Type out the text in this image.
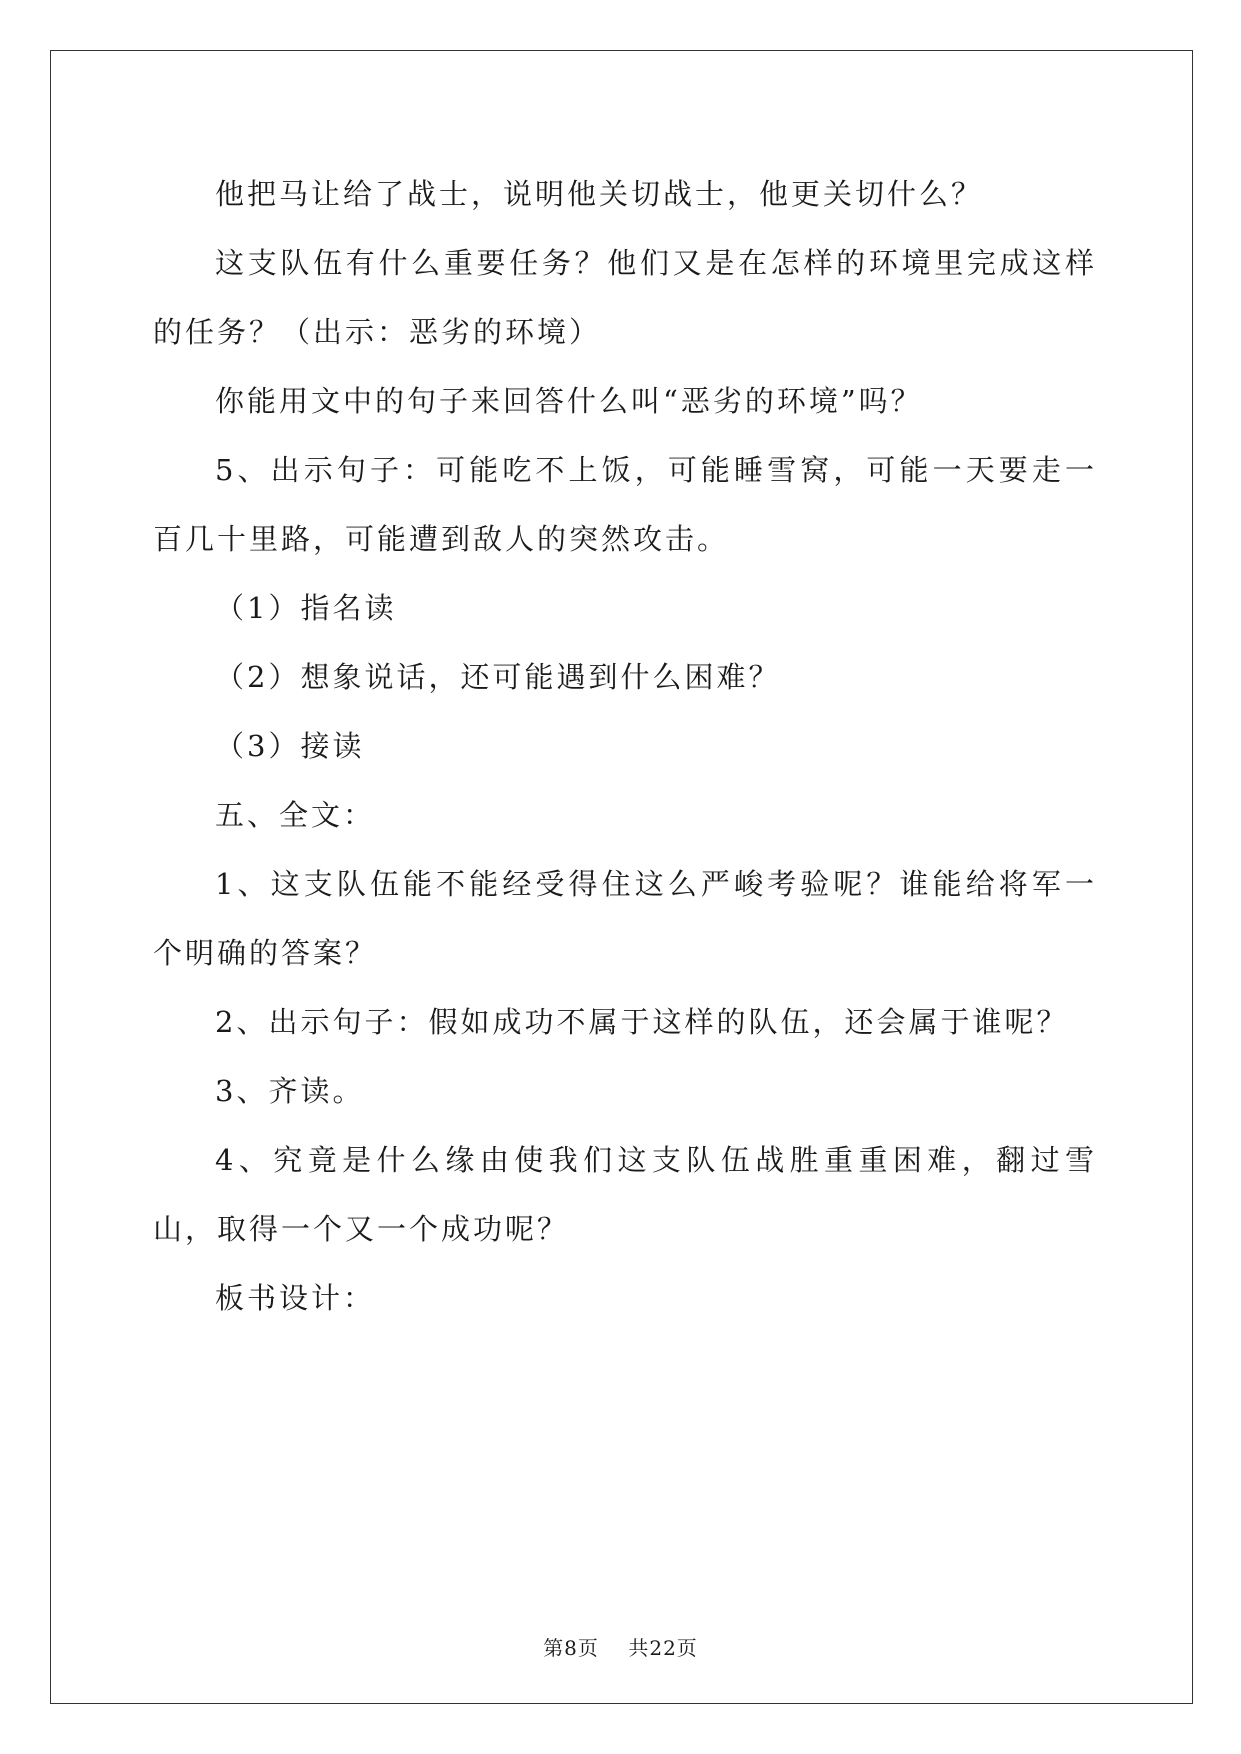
他把马让给了战士，说明他关切战士，他更关切什么？

这支队伍有什么重要任务？他们又是在怎样的环境里完成这样的任务？（出示：恶劣的环境）

你能用文中的句子来回答什么叫“恶劣的环境”吗？

5、出示句子：可能吃不上饭，可能睡雪窝，可能一天要走一百几十里路，可能遭到敌人的突然攻击。

（1）指名读

（2）想象说话，还可能遇到什么困难？

（3）接读

五、全文：

1、这支队伍能不能经受得住这么严峻考验呢？谁能给将军一个明确的答案？

2、出示句子：假如成功不属于这样的队伍，还会属于谁呢？

3、齐读。

4、究竟是什么缘由使我们这支队伍战胜重重困难，翻过雪山，取得一个又一个成功呢？

板书设计：

第8页 共22页
